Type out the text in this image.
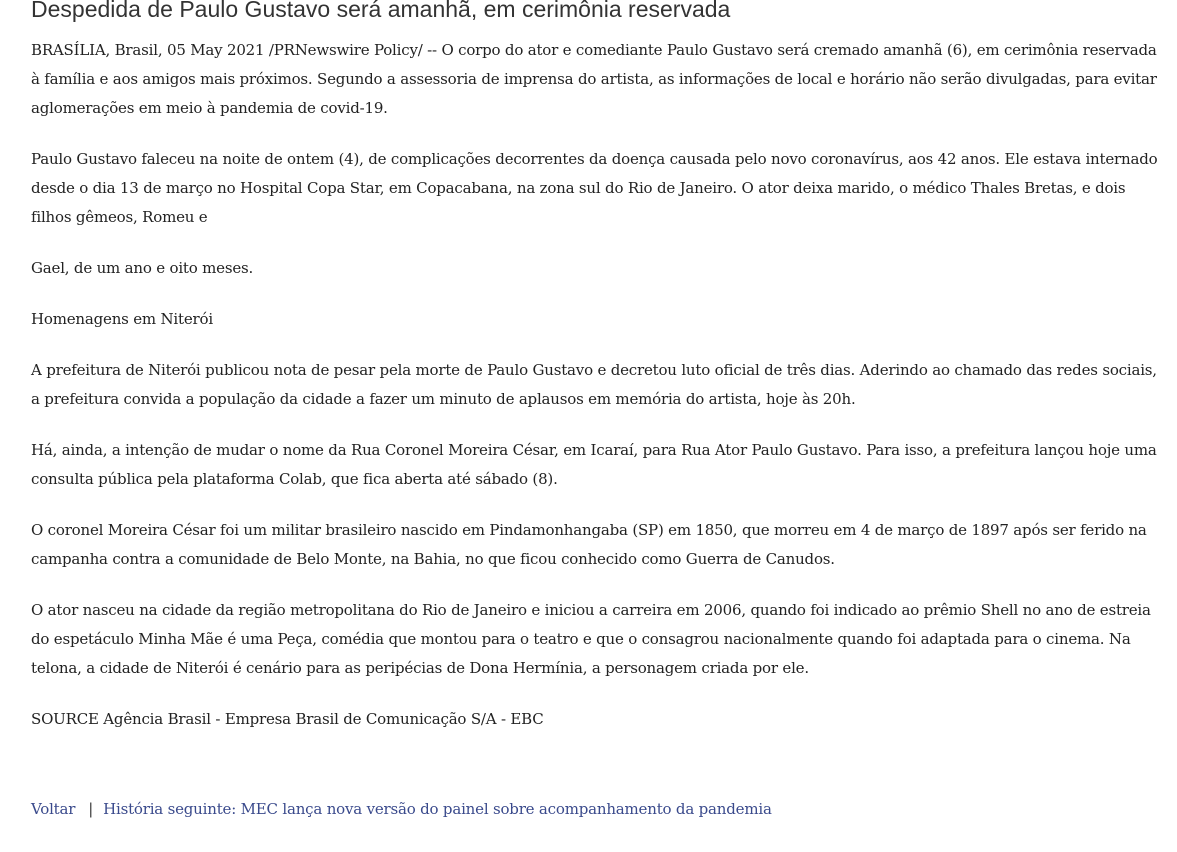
Despedida de Paulo Gustavo será amanhã, em cerimônia reservada

BRASÍLIA, Brasil, 05 May 2021 /PRNewswire Policy/ -- O corpo do ator e comediante Paulo Gustavo será cremado amanhã (6), em cerimônia reservada à família e aos amigos mais próximos. Segundo a assessoria de imprensa do artista, as informações de local e horário não serão divulgadas, para evitar aglomerações em meio à pandemia de covid-19.

Paulo Gustavo faleceu na noite de ontem (4), de complicações decorrentes da doença causada pelo novo coronavírus, aos 42 anos. Ele estava internado desde o dia 13 de março no Hospital Copa Star, em Copacabana, na zona sul do Rio de Janeiro. O ator deixa marido, o médico Thales Bretas, e dois filhos gêmeos, Romeu e

Gael, de um ano e oito meses.

Homenagens em Niterói

A prefeitura de Niterói publicou nota de pesar pela morte de Paulo Gustavo e decretou luto oficial de três dias. Aderindo ao chamado das redes sociais, a prefeitura convida a população da cidade a fazer um minuto de aplausos em memória do artista, hoje às 20h.

Há, ainda, a intenção de mudar o nome da Rua Coronel Moreira César, em Icaraí, para Rua Ator Paulo Gustavo. Para isso, a prefeitura lançou hoje uma consulta pública pela plataforma Colab, que fica aberta até sábado (8).

O coronel Moreira César foi um militar brasileiro nascido em Pindamonhangaba (SP) em 1850, que morreu em 4 de março de 1897 após ser ferido na campanha contra a comunidade de Belo Monte, na Bahia, no que ficou conhecido como Guerra de Canudos.

O ator nasceu na cidade da região metropolitana do Rio de Janeiro e iniciou a carreira em 2006, quando foi indicado ao prêmio Shell no ano de estreia do espetáculo Minha Mãe é uma Peça, comédia que montou para o teatro e que o consagrou nacionalmente quando foi adaptada para o cinema. Na telona, a cidade de Niterói é cenário para as peripécias de Dona Hermínia, a personagem criada por ele.

SOURCE Agência Brasil - Empresa Brasil de Comunicação S/A - EBC

Voltar | História seguinte: MEC lança nova versão do painel sobre acompanhamento da pandemia
